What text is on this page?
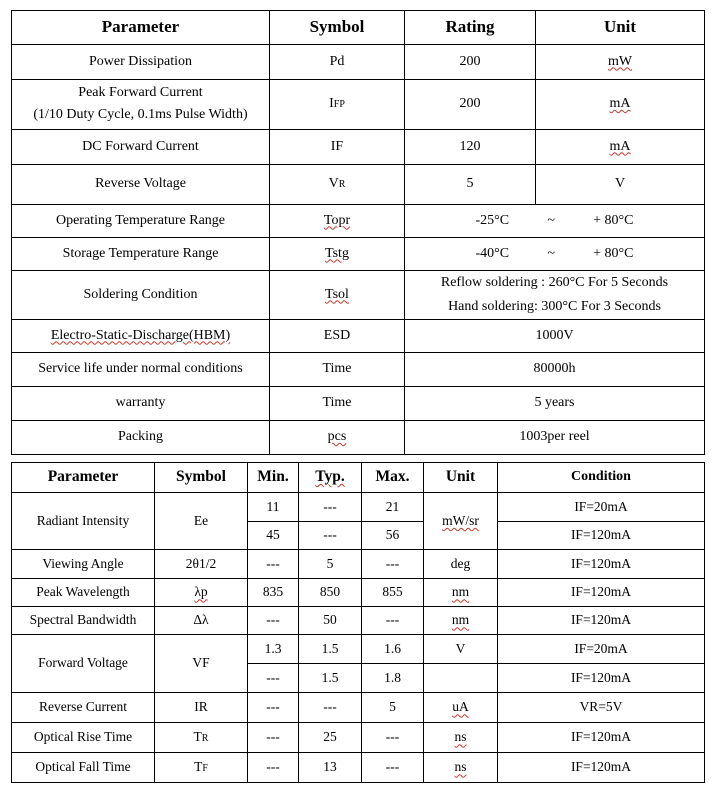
Parameter	Symbol	Rating	Unit
Power Dissipation	Pd	200	mW

Peak Forward Current
(1/10 Duty Cycle, 0.1ms Pulse Width)	IFP	200	mA
DC Forward Current	IF	120	mA
Reverse Voltage	VR	5	V
Operating Temperature Range	Topr	-25°C ~ + 80°C	

Storage Temperature Range	Tstg	-40°C ~ + 80°C	

Soldering Condition	Tsol	Reflow soldering : 260°C For 5 Seconds
Hand soldering: 300°C For 3 Seconds	

Electro-Static-Discharge(HBM)	ESD	1000V	
Service life under normal conditions	Time	80000h	
warranty	Time	5 years	
Packing	pcs	1003per reel	
Parameter	Symbol	Min.	Typ.	Max.	Unit	Condition
Radiant Intensity	Ee	11	---	21	mW/sr	IF=20mA
		45	---	56		IF=120mA
Viewing Angle	2θ1/2	---	5	---	deg	IF=120mA
Peak Wavelength	λp	835	850	855	nm	IF=120mA
Spectral Bandwidth	Δλ	---	50	---	nm	IF=120mA
Forward Voltage	VF	1.3	1.5	1.6	V	IF=20mA
		---	1.5	1.8		IF=120mA
Reverse Current	IR	---	---	5	uA	VR=5V
Optical Rise Time	TR	---	25	---	ns	IF=120mA
Optical Fall Time	TF	---	13	---	ns	IF=120mA
